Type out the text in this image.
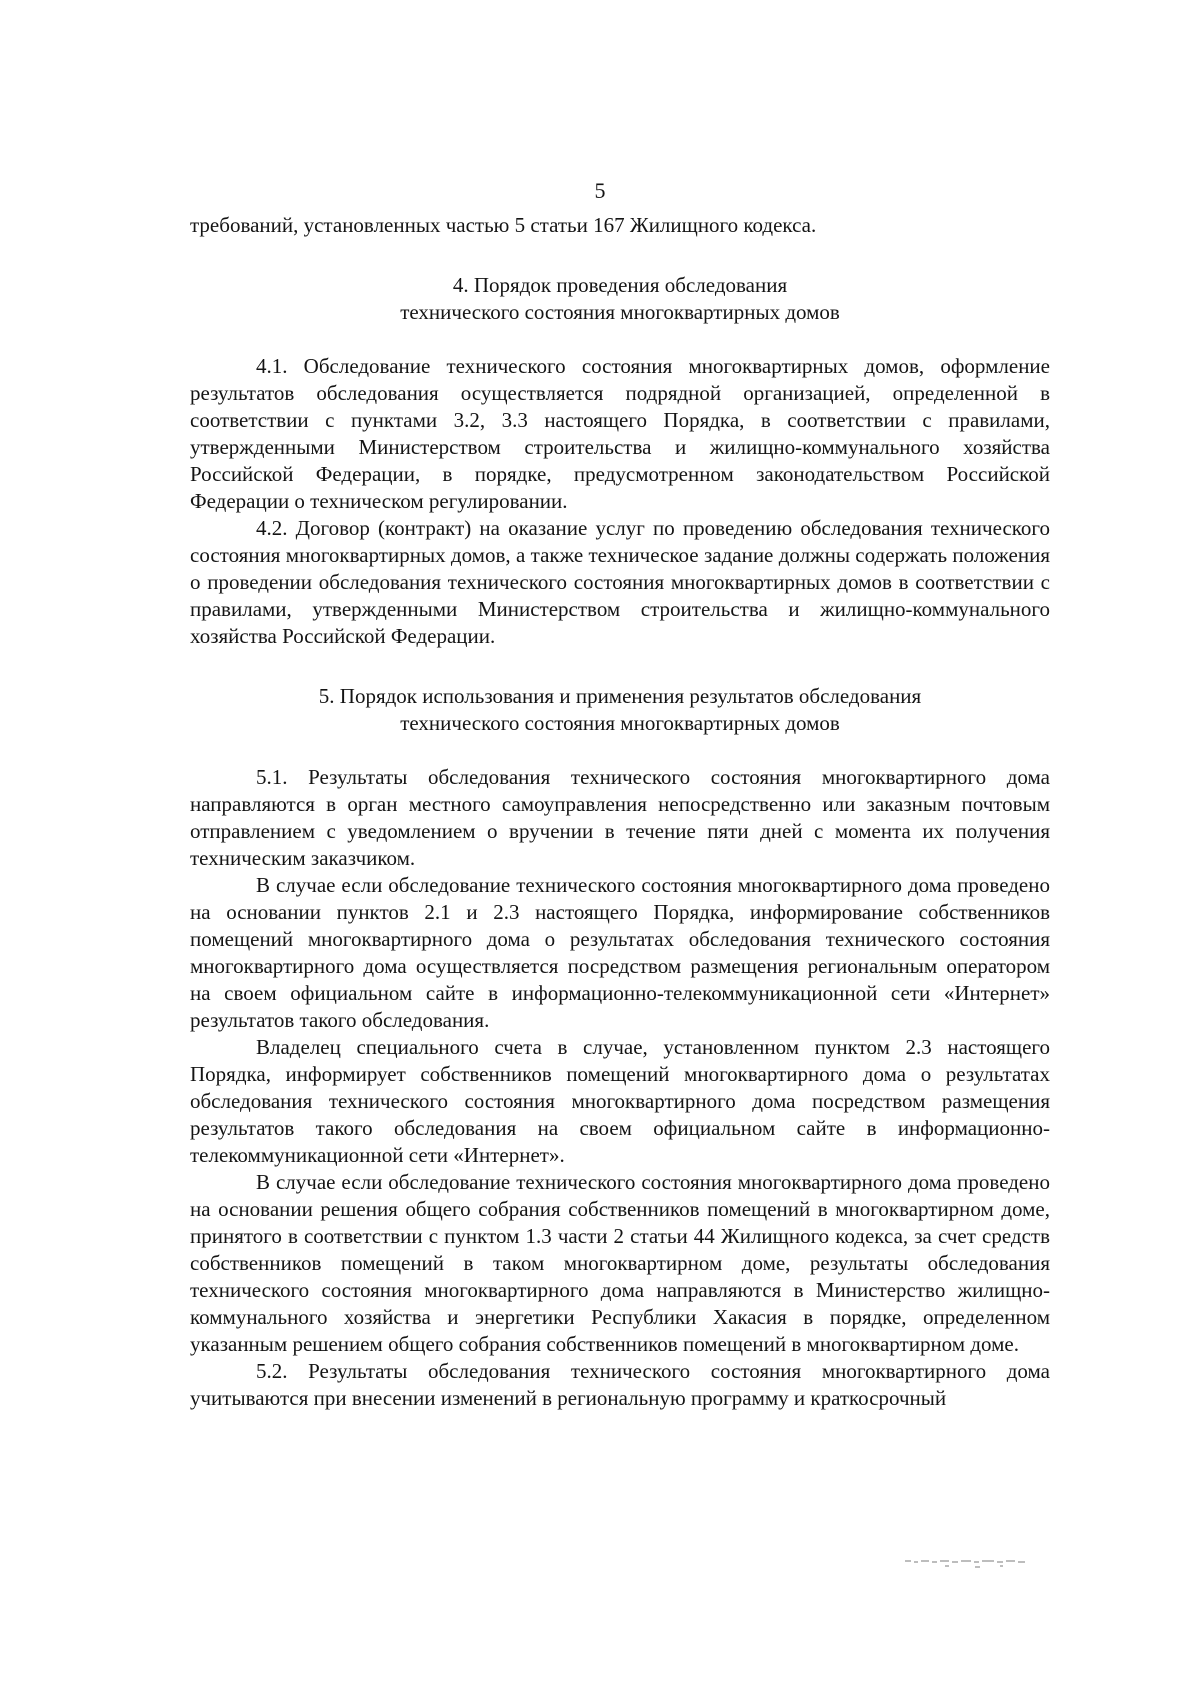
5

требований, установленных частью 5 статьи 167 Жилищного кодекса.

4. Порядок проведения обследования

технического состояния многоквартирных домов

4.1. Обследование технического состояния многоквартирных домов, оформление результатов обследования осуществляется подрядной организацией, определенной в соответствии с пунктами 3.2, 3.3 настоящего Порядка, в соответствии с правилами, утвержденными Министерством строительства и жилищно-коммунального хозяйства Российской Федерации, в порядке, предусмотренном законодательством Российской Федерации о техническом регулировании.

4.2. Договор (контракт) на оказание услуг по проведению обследования технического состояния многоквартирных домов, а также техническое задание должны содержать положения о проведении обследования технического состояния многоквартирных домов в соответствии с правилами, утвержденными Министерством строительства и жилищно-коммунального хозяйства Российской Федерации.

5. Порядок использования и применения результатов обследования

технического состояния многоквартирных домов

5.1. Результаты обследования технического состояния многоквартирного дома направляются в орган местного самоуправления непосредственно или заказным почтовым отправлением с уведомлением о вручении в течение пяти дней с момента их получения техническим заказчиком.

В случае если обследование технического состояния многоквартирного дома проведено на основании пунктов 2.1 и 2.3 настоящего Порядка, информирование собственников помещений многоквартирного дома о результатах обследования технического состояния многоквартирного дома осуществляется посредством размещения региональным оператором на своем официальном сайте в информационно-телекоммуникационной сети «Интернет» результатов такого обследования.

Владелец специального счета в случае, установленном пунктом 2.3 настоящего Порядка, информирует собственников помещений многоквартирного дома о результатах обследования технического состояния многоквартирного дома посредством размещения результатов такого обследования на своем официальном сайте в информационно-телекоммуникационной сети «Интернет».

В случае если обследование технического состояния многоквартирного дома проведено на основании решения общего собрания собственников помещений в многоквартирном доме, принятого в соответствии с пунктом 1.3 части 2 статьи 44 Жилищного кодекса, за счет средств собственников помещений в таком многоквартирном доме, результаты обследования технического состояния многоквартирного дома направляются в Министерство жилищно-коммунального хозяйства и энергетики Республики Хакасия в порядке, определенном указанным решением общего собрания собственников помещений в многоквартирном доме.

5.2. Результаты обследования технического состояния многоквартирного дома учитываются при внесении изменений в региональную программу и краткосрочный
